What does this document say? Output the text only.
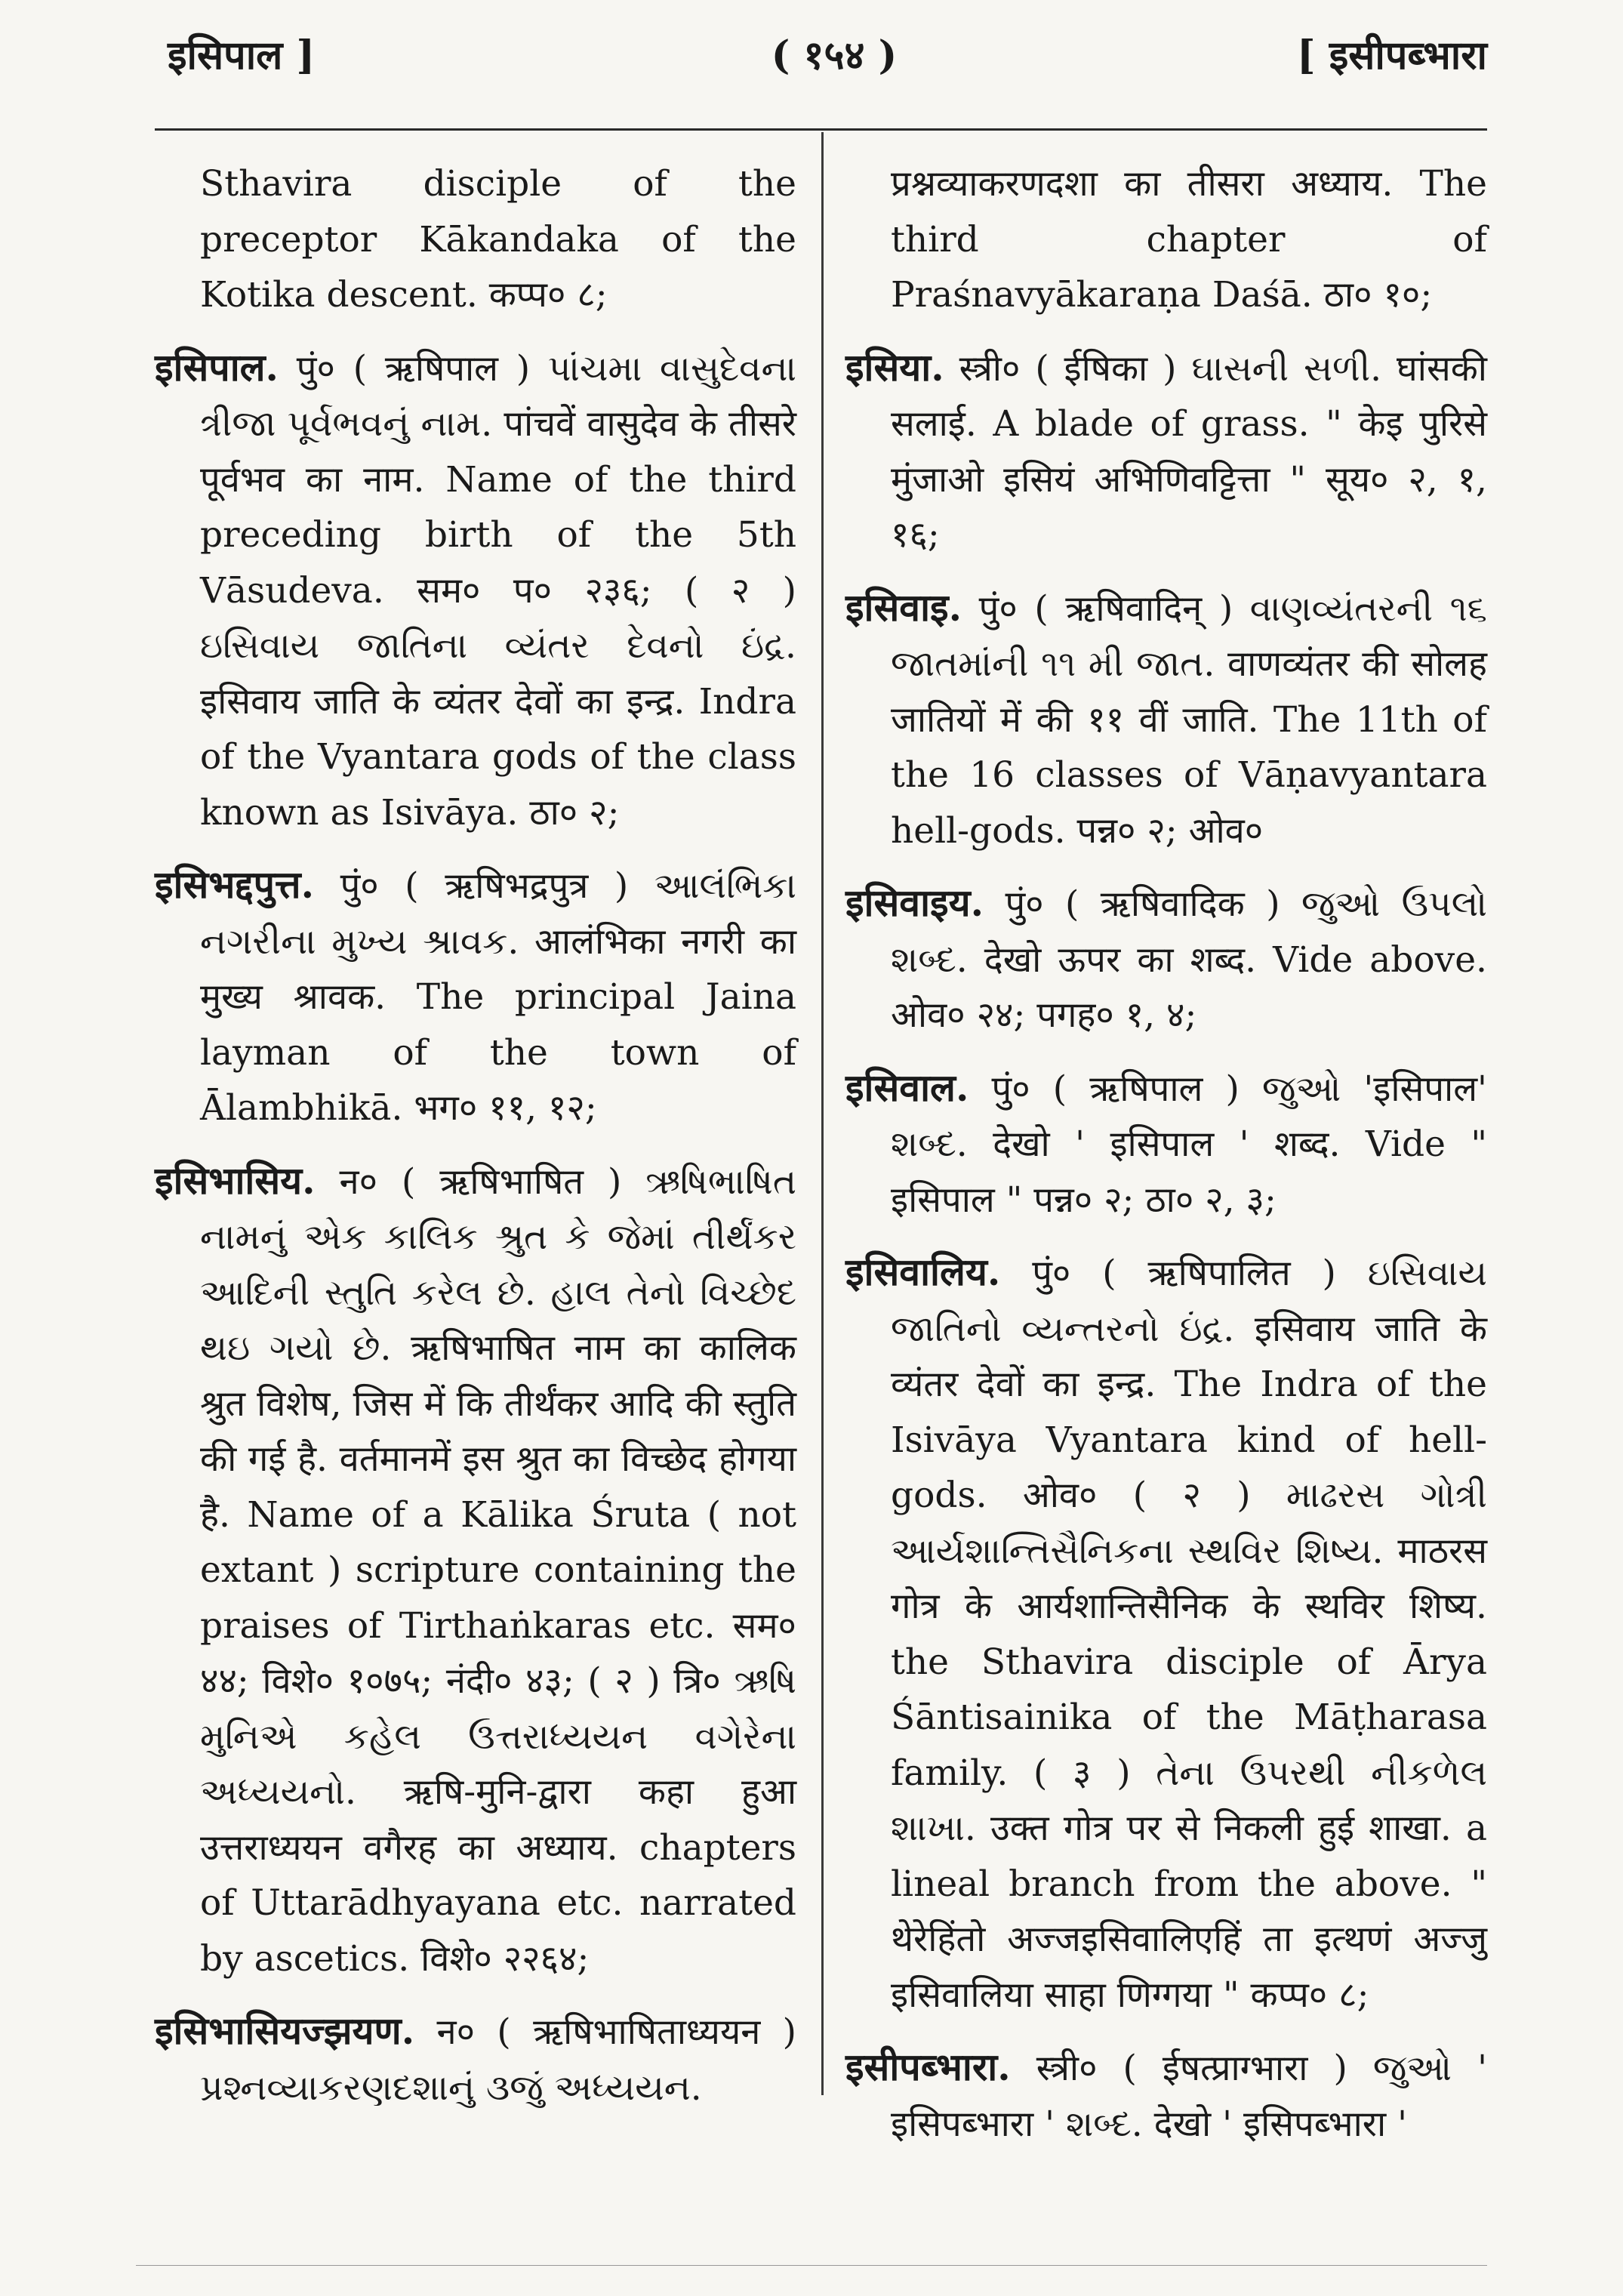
इसिपाल ]	( १५४ )	[ इसीपब्भारा
Sthavira disciple of the preceptor Kākandaka of the Kotika descent. कप्प० ८;
इसिपाल. पुं० ( ऋषिपाल ) પાંચમા વાસુદેવના ત્રીજા પૂર્વભવનું નામ. पांचवें वासुदेव के तीसरे पूर्वभव का नाम. Name of the third preceding birth of the 5th Vāsudeva. सम० प० २३६; ( २ ) ઇસિવાય જાતિના વ્યંતર દેવનો ઇંદ્ર. इसिवाय जाति के व्यंतर देवों का इन्द्र. Indra of the Vyantara gods of the class known as Isivāya. ठा० २;
इसिभद्दपुत्त. पुं० ( ऋषिभद्रपुत्र ) આલંભિકા નગરીના મુખ્ય શ્રાવક. आलंभिका नगरी का मुख्य श्रावक. The principal Jaina layman of the town of Ālambhikā. भग० ११, १२;
इसिभासिय. न० ( ऋषिभाषित ) ઋષિભાષિત નામનું એક કાલિક શ્રુત કે જેમાં તીર્થંકર આદિની સ્તુતિ કરેલ છે. હાલ તેનો વિચ્છેદ થઇ ગયો છે. ऋषिभाषित नाम का कालिक श्रुत विशेष, जिस में कि तीर्थंकर आदि की स्तुति की गई है. वर्तमानमें इस श्रुत का विच्छेद होगया है. Name of a Kālika Śruta ( not extant ) scripture containing the praises of Tirthaṅkaras etc. सम० ४४; विशे० १०७५; नंदी० ४३; ( २ ) त्रि० ઋષિ મુનિએ કહેલ ઉત્તરાધ્યયન વગેરેના અધ્યયનો. ऋषि-मुनि-द्वारा कहा हुआ उत्तराध्ययन वगैरह का अध्याय. chapters of Uttarādhyayana etc. narrated by ascetics. विशे० २२६४;
इसिभासियज्झयण. न० ( ऋषिभाषिताध्ययन ) પ્રશ્નવ્યાકરણદશાનું ૩જું અધ્યયન.
प्रश्नव्याकरणदशा का तीसरा अध्याय. The third chapter of Praśnavyākaraṇa Daśā. ठा० १०;
इसिया. स्त्री० ( ईषिका ) ઘાસની સળી. घांसकी सलाई. A blade of grass. " केइ पुरिसे मुंजाओ इसियं अभिणिवट्टित्ता " सूय० २, १, १६;
इसिवाइ. पुं० ( ऋषिवादिन् ) વાણવ્યંતરની ૧૬ જાતમાંની ૧૧ મી જાત. वाणव्यंतर की सोलह जातियों में की ११ वीं जाति. The 11th of the 16 classes of Vāṇavyantara hell-gods. पन्न० २; ओव०
इसिवाइय. पुं० ( ऋषिवादिक ) જુઓ ઉપલો શબ્દ. देखो ऊपर का शब्द. Vide above. ओव० २४; पगह० १, ४;
इसिवाल. पुं० ( ऋषिपाल ) જુઓ 'इसिपाल' શબ્દ. देखो ' इसिपाल ' शब्द. Vide " इसिपाल " पन्न० २; ठा० २, ३;
इसिवालिय. पुं० ( ऋषिपालित ) ઇસિવાય જાતિનો વ્યન્તરનો ઇંદ્ર. इसिवाय जाति के व्यंतर देवों का इन्द्र. The Indra of the Isivāya Vyantara kind of hell-gods. ओव० ( २ ) માઢરસ ગોત્રી આર્યશાન્તિસૈનિકના સ્થવિર શિષ્ય. माठरस गोत्र के आर्यशान्तिसैनिक के स्थविर शिष्य. the Sthavira disciple of Ārya Śāntisainika of the Māṭharasa family. ( ३ ) તેના ઉપરથી નીકળેલ શાખા. उक्त गोत्र पर से निकली हुई शाखा. a lineal branch from the above. " थेरेहिंतो अज्जइसिवालिएहिं ता इत्थणं अज्जु इसिवालिया साहा णिग्गया " कप्प० ८;
इसीपब्भारा. स्त्री० ( ईषत्प्राग्भारा ) જુઓ ' इसिपब्भारा ' શબ્દ. देखो ' इसिपब्भारा '
